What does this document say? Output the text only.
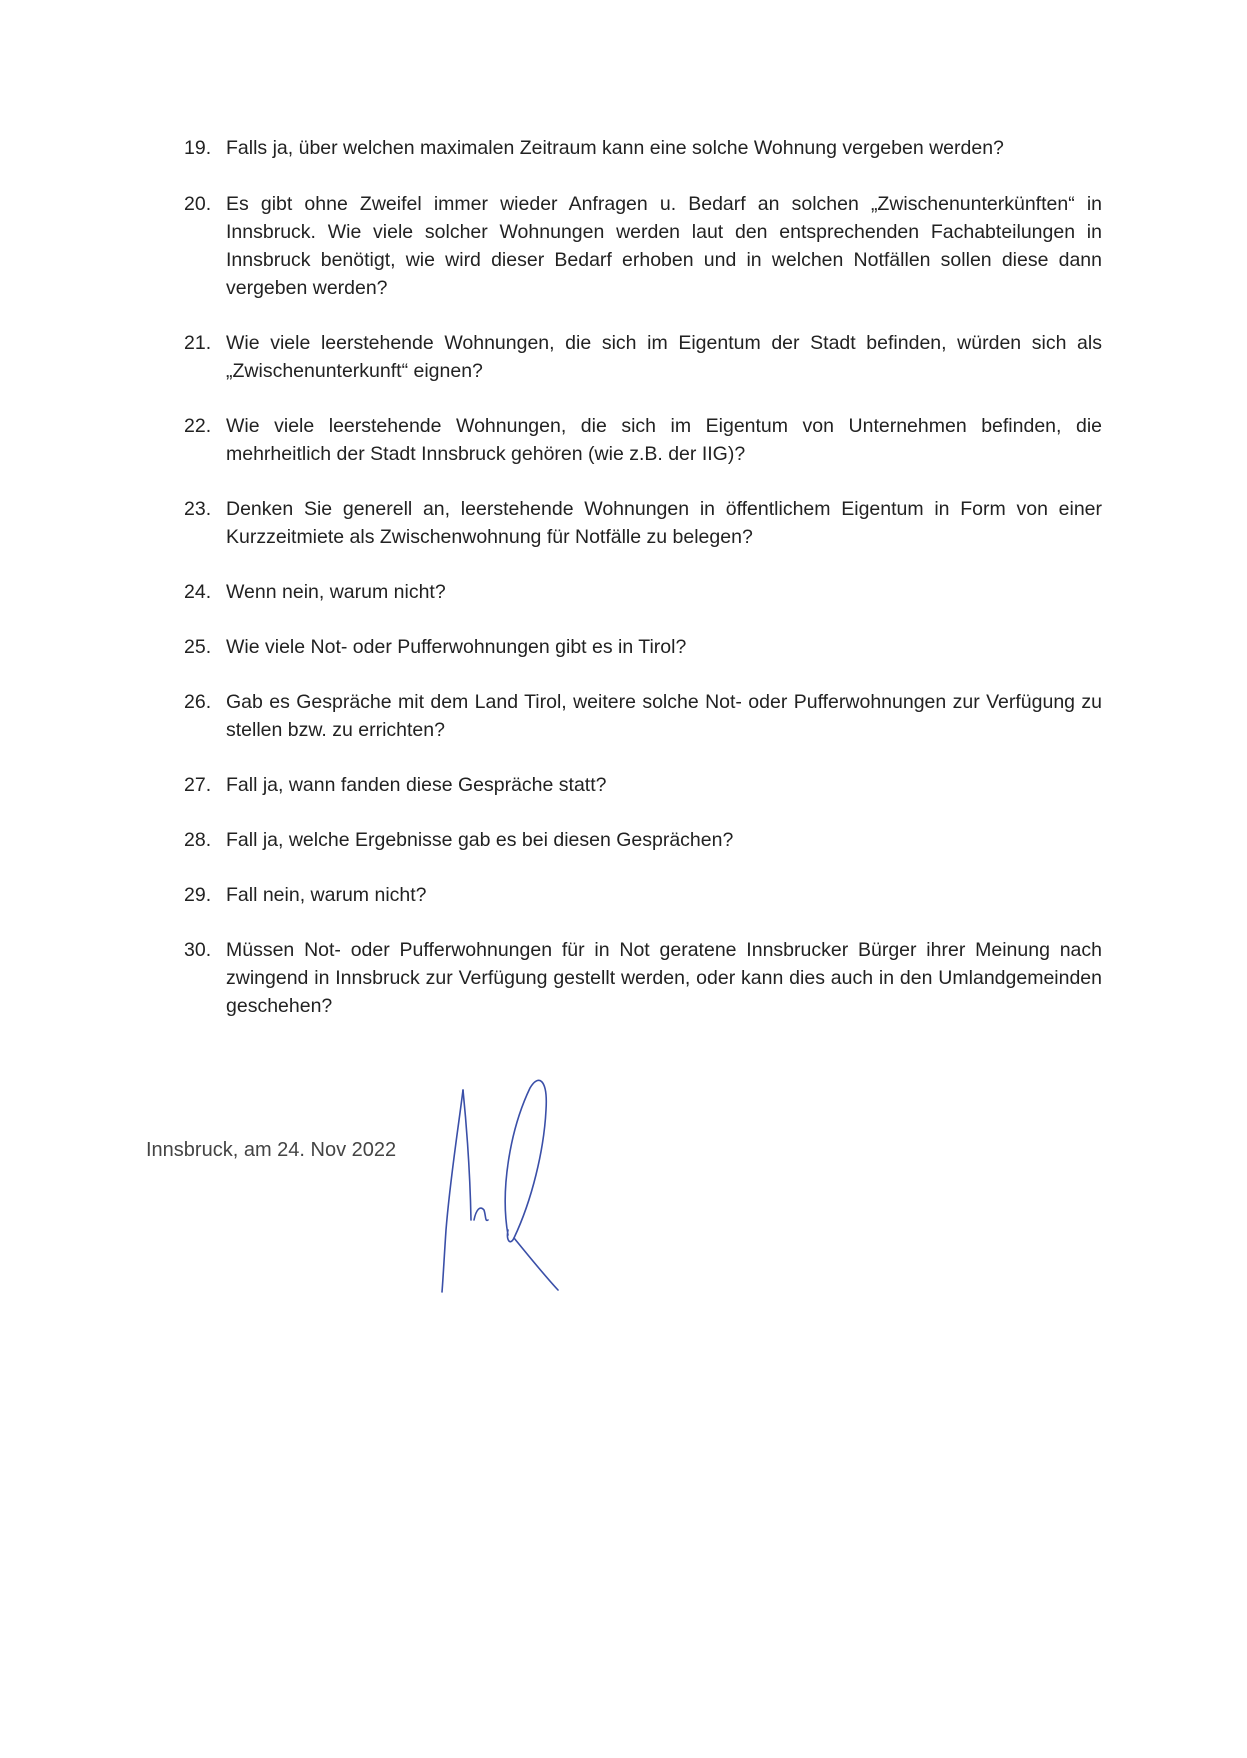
19. Falls ja, über welchen maximalen Zeitraum kann eine solche Wohnung vergeben werden?
20. Es gibt ohne Zweifel immer wieder Anfragen u. Bedarf an solchen „Zwischenunterkünften“ in Innsbruck. Wie viele solcher Wohnungen werden laut den entsprechenden Fachabteilungen in Innsbruck benötigt, wie wird dieser Bedarf erhoben und in welchen Notfällen sollen diese dann vergeben werden?
21. Wie viele leerstehende Wohnungen, die sich im Eigentum der Stadt befinden, würden sich als „Zwischenunterkunft“ eignen?
22. Wie viele leerstehende Wohnungen, die sich im Eigentum von Unternehmen befinden, die mehrheitlich der Stadt Innsbruck gehören (wie z.B. der IIG)?
23. Denken Sie generell an, leerstehende Wohnungen in öffentlichem Eigentum in Form von einer Kurzzeitmiete als Zwischenwohnung für Notfälle zu belegen?
24. Wenn nein, warum nicht?
25. Wie viele Not- oder Pufferwohnungen gibt es in Tirol?
26. Gab es Gespräche mit dem Land Tirol, weitere solche Not- oder Pufferwohnungen zur Verfügung zu stellen bzw. zu errichten?
27. Fall ja, wann fanden diese Gespräche statt?
28. Fall ja, welche Ergebnisse gab es bei diesen Gesprächen?
29. Fall nein, warum nicht?
30. Müssen Not- oder Pufferwohnungen für in Not geratene Innsbrucker Bürger ihrer Meinung nach zwingend in Innsbruck zur Verfügung gestellt werden, oder kann dies auch in den Umlandgemeinden geschehen?

Innsbruck, am 24. Nov 2022
